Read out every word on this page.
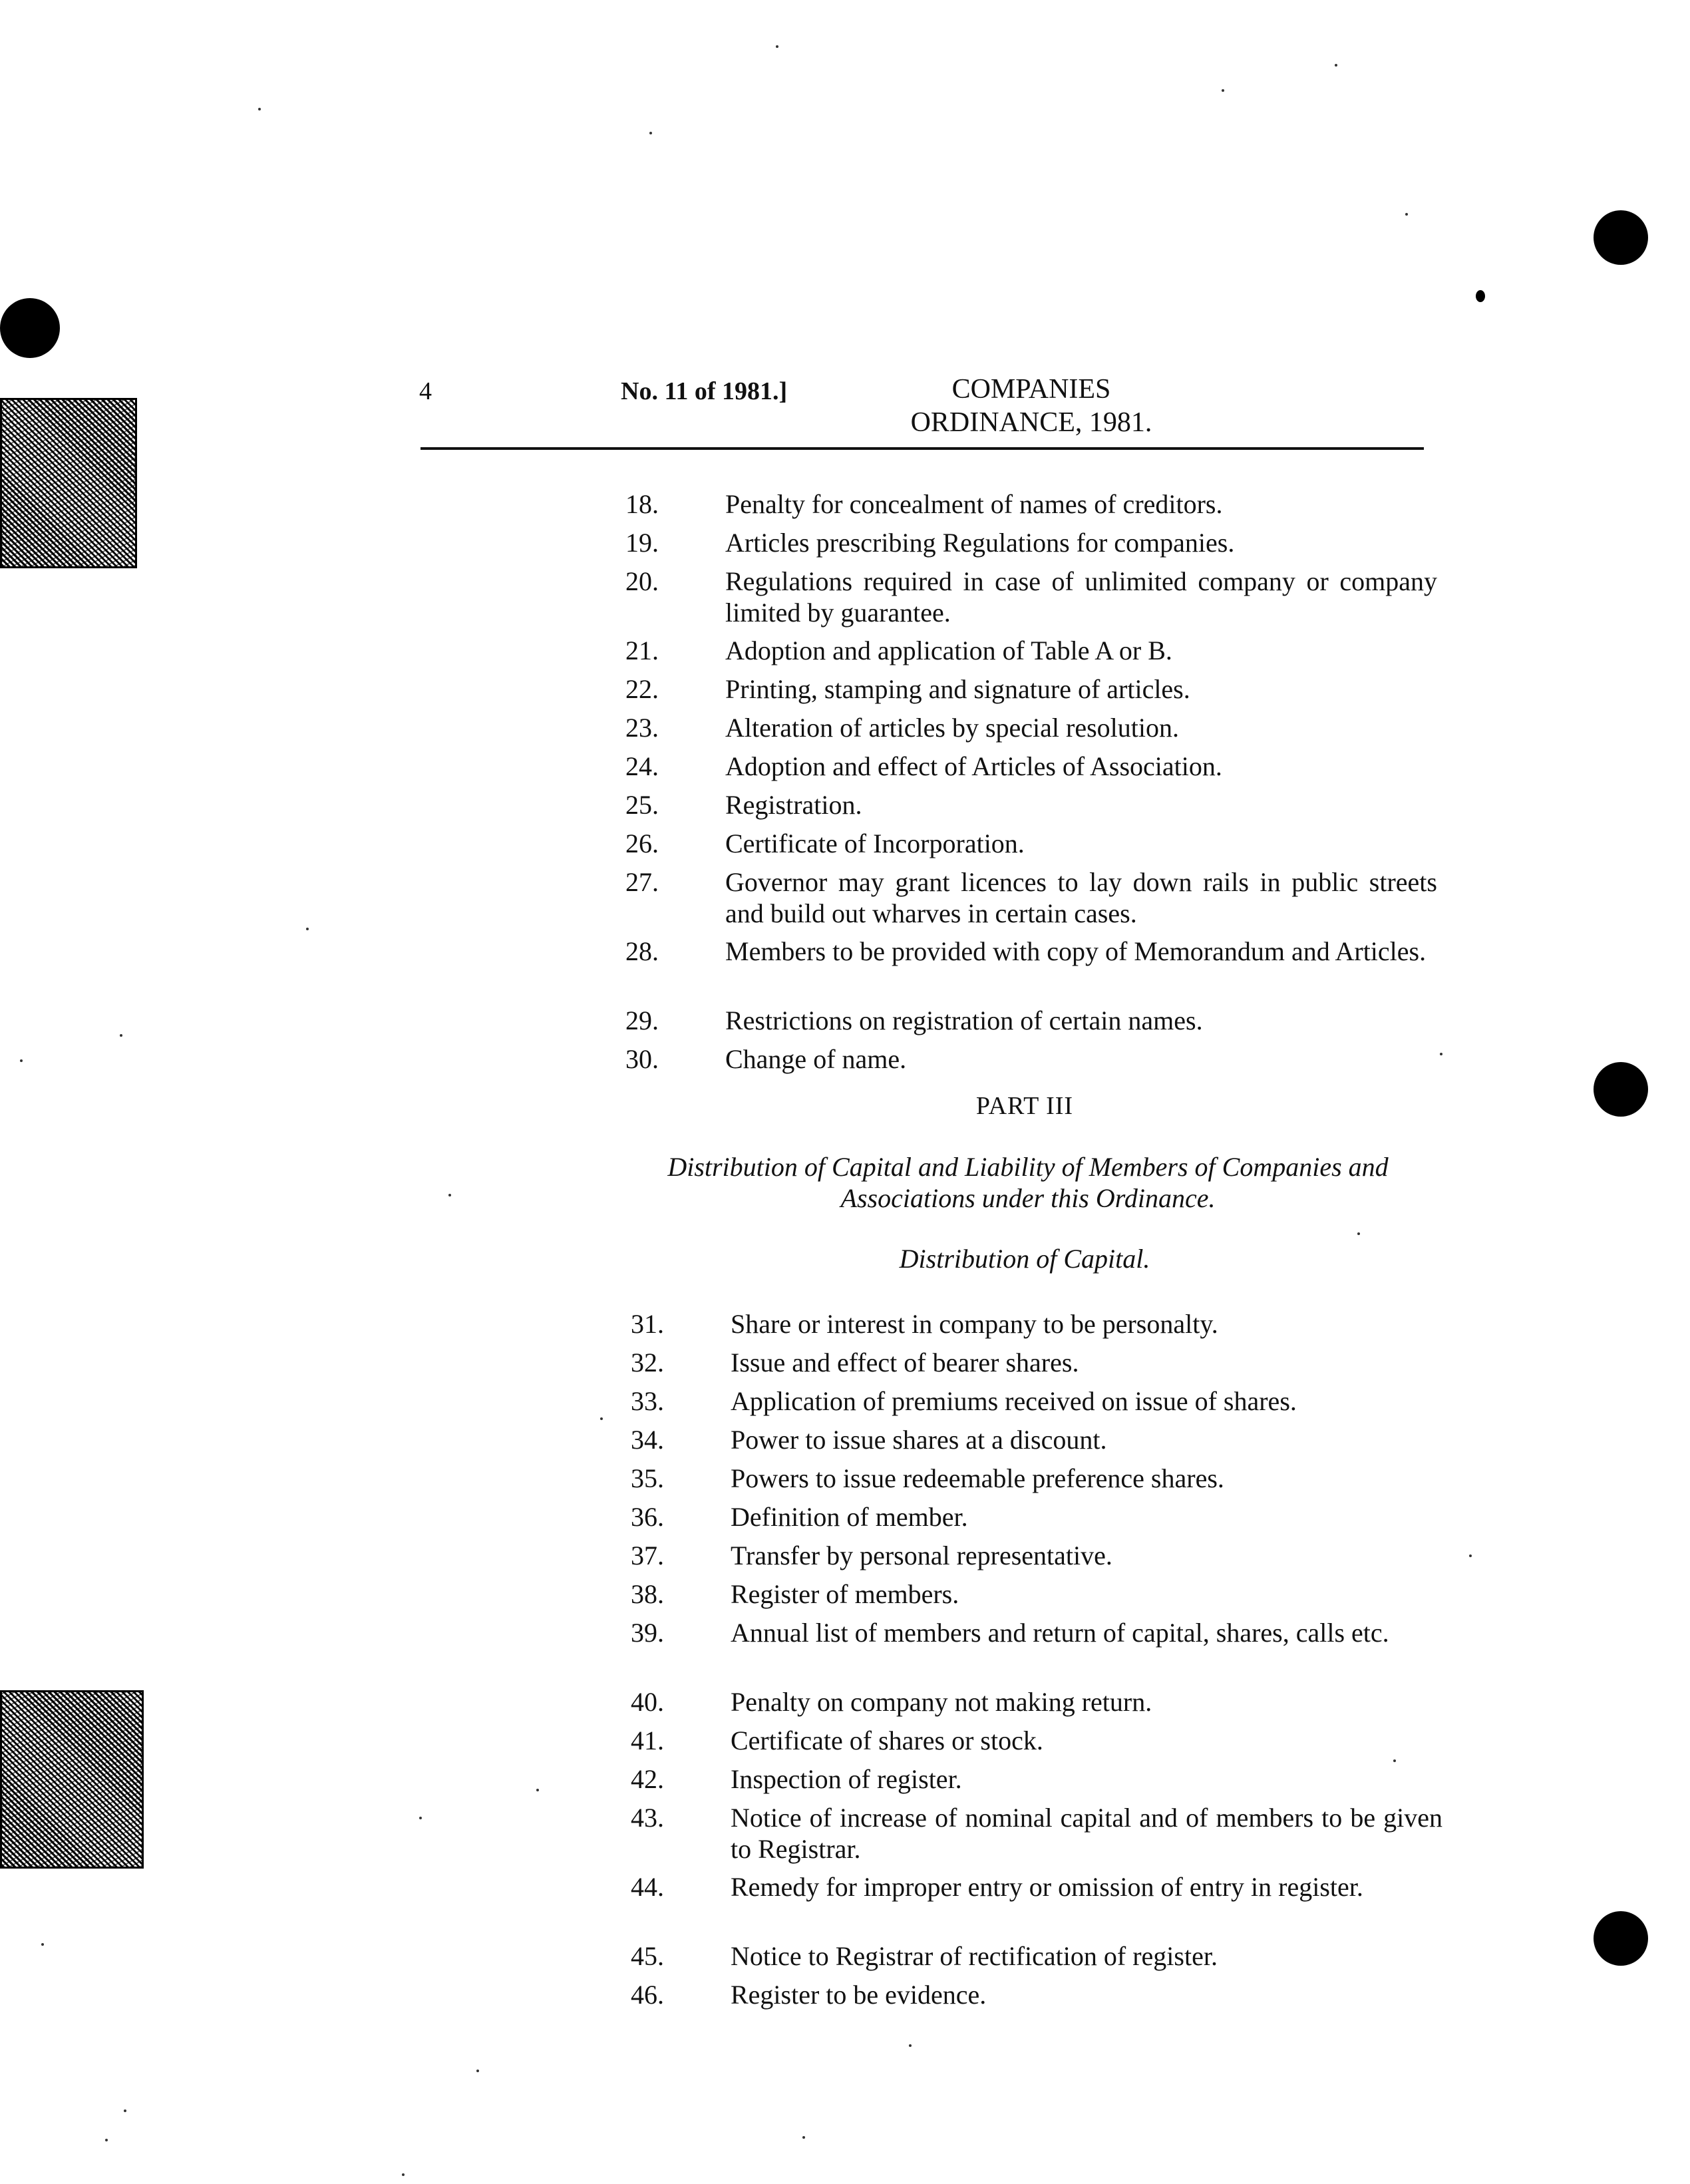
4	No. 11 of 1981.]	COMPANIES
ORDINANCE, 1981.
18.	Penalty for concealment of names of creditors.
19.	Articles prescribing Regulations for companies.
20.	Regulations required in case of unlimited company or company limited by guarantee.
21.	Adoption and application of Table A or B.
22.	Printing, stamping and signature of articles.
23.	Alteration of articles by special resolution.
24.	Adoption and effect of Articles of Association.
25.	Registration.
26.	Certificate of Incorporation.
27.	Governor may grant licences to lay down rails in public streets and build out wharves in certain cases.
28.	Members to be provided with copy of Memorandum and Articles.
29.	Restrictions on registration of certain names.
30.	Change of name.
PART III
Distribution of Capital and Liability of Members of Companies and Associations under this Ordinance.
Distribution of Capital.
31.	Share or interest in company to be personalty.
32.	Issue and effect of bearer shares.
33.	Application of premiums received on issue of shares.
34.	Power to issue shares at a discount.
35.	Powers to issue redeemable preference shares.
36.	Definition of member.
37.	Transfer by personal representative.
38.	Register of members.
39.	Annual list of members and return of capital, shares, calls etc.
40.	Penalty on company not making return.
41.	Certificate of shares or stock.
42.	Inspection of register.
43.	Notice of increase of nominal capital and of members to be given to Registrar.
44.	Remedy for improper entry or omission of entry in register.
45.	Notice to Registrar of rectification of register.
46.	Register to be evidence.
